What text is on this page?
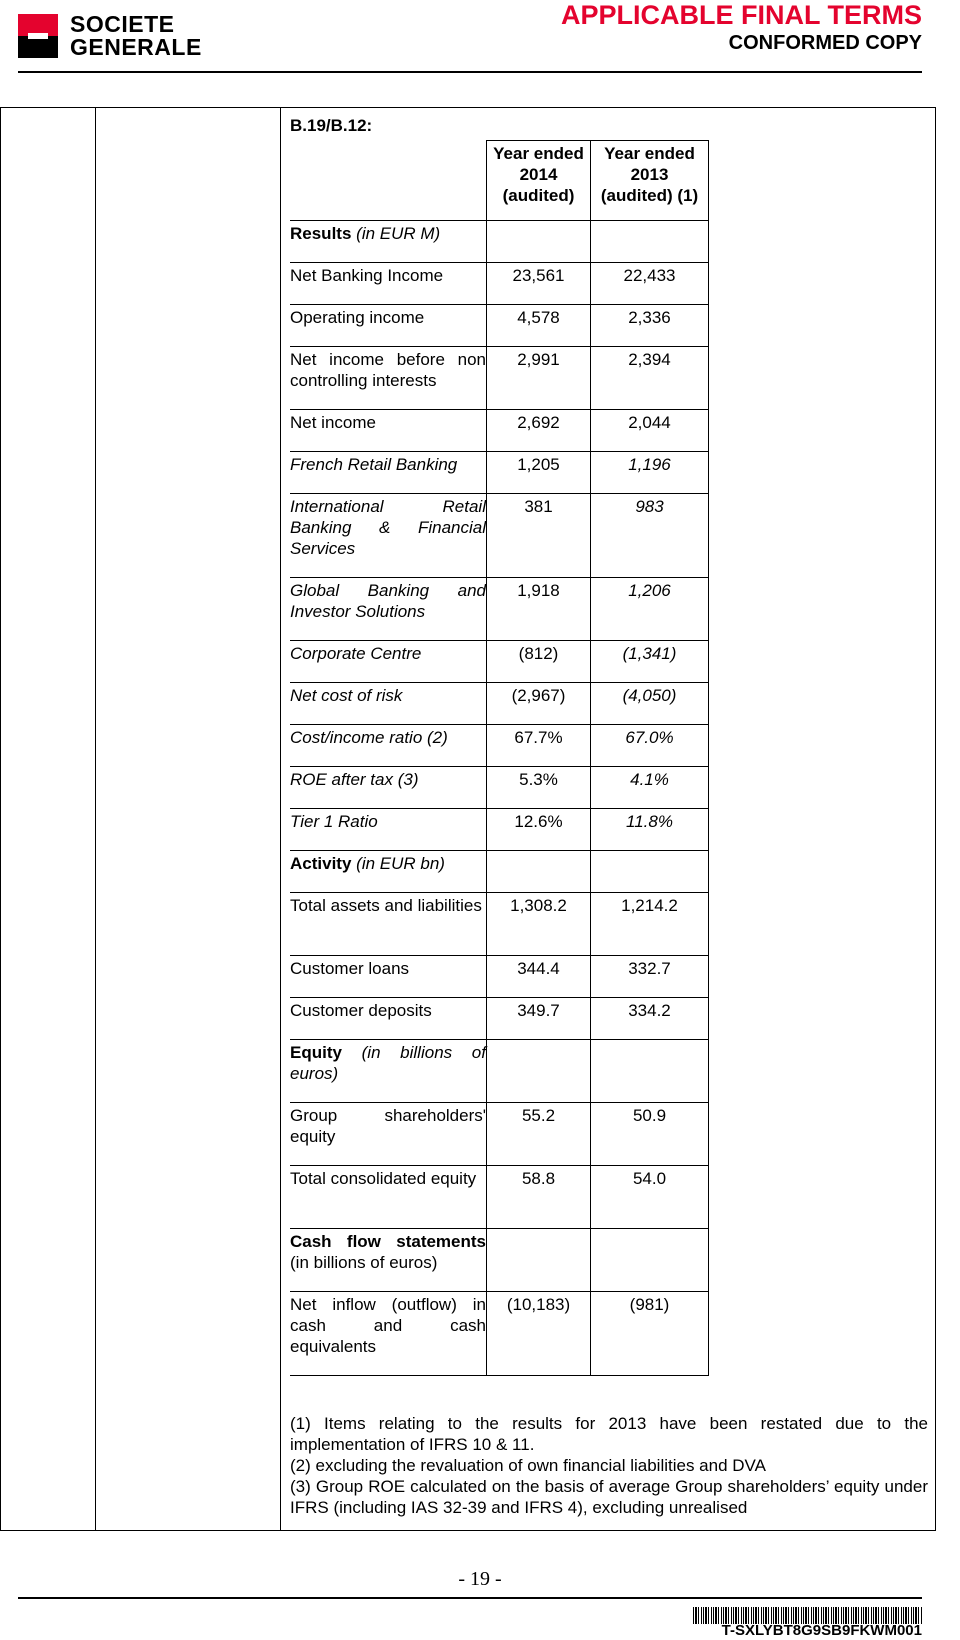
SOCIETE
GENERALE
APPLICABLE FINAL TERMS
CONFORMED COPY
B.19/B.12:

	Year ended
2014
(audited)	Year ended
2013
(audited) (1)

Results (in EUR M)		
Net Banking Income	23,561	22,433
Operating income	4,578	2,336
Net income before non controlling interests	2,991	2,394
Net income	2,692	2,044
French Retail Banking	1,205	1,196
International Retail Banking & Financial Services	381	983
Global Banking and Investor Solutions	1,918	1,206
Corporate Centre	(812)	(1,341)
Net cost of risk	(2,967)	(4,050)
Cost/income ratio (2)	67.7%	67.0%
ROE after tax (3)	5.3%	4.1%
Tier 1 Ratio	12.6%	11.8%
Activity (in EUR bn)		
Total assets and liabilities	1,308.2	1,214.2
Customer loans	344.4	332.7
Customer deposits	349.7	334.2
Equity (in billions of euros)		
Group shareholders' equity	55.2	50.9
Total consolidated equity	58.8	54.0
Cash flow statements (in billions of euros)		
Net inflow (outflow) in cash and cash equivalents	(10,183)	(981)

(1) Items relating to the results for 2013 have been restated due to the implementation of IFRS 10 & 11.

(2) excluding the revaluation of own financial liabilities and DVA

(3) Group ROE calculated on the basis of average Group shareholders’ equity under IFRS (including IAS 32-39 and IFRS 4), excluding unrealised

- 19 -
T-SXLYBT8G9SB9FKWM001
